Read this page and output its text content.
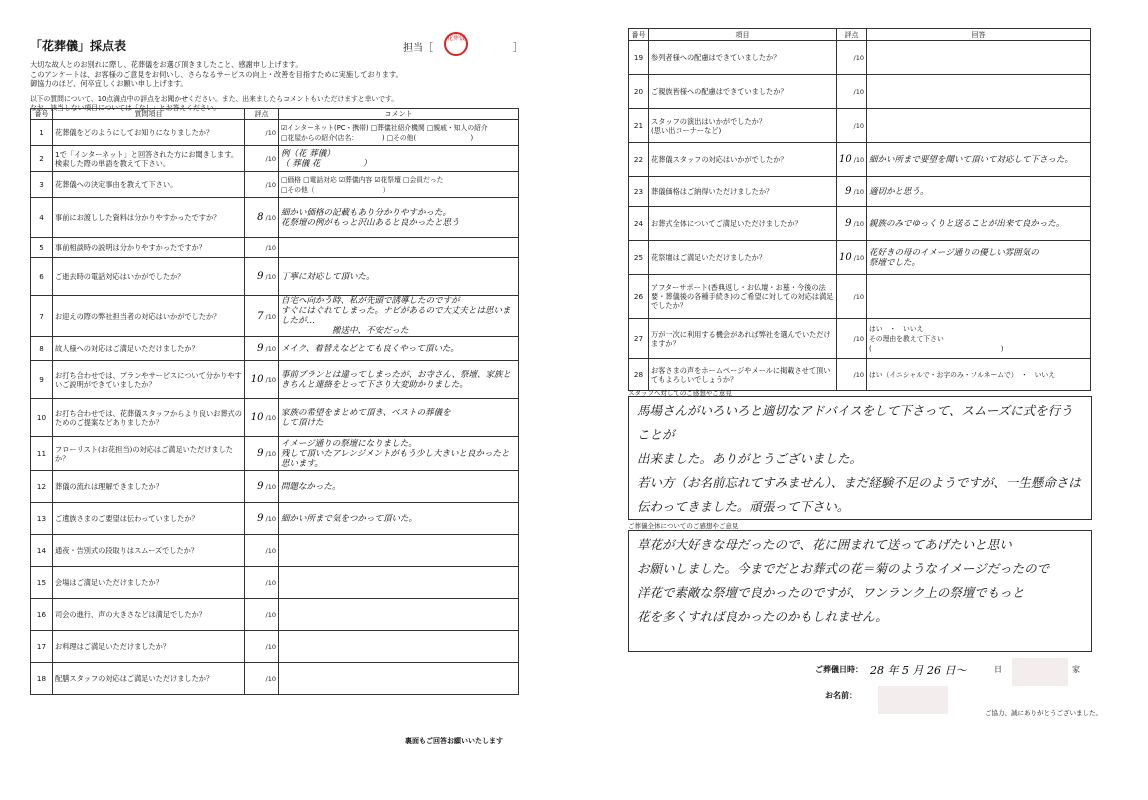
「花葬儀」採点表	担当［
花葬儀
］
大切な故人とのお別れに際し、花葬儀をお選び頂きましたこと、感謝申し上げます。
このアンケートは、お客様のご意見をお伺いし、さらなるサービスの向上・改善を目指すために実施しております。
御協力のほど、何卒宜しくお願い申し上げます。
以下の質問について、10点満点中の評点をお聞かせください。また、出来ましたらコメントもいただけますと幸いです。
なお、該当しない項目については「なし」とお答えください。
番号	質問項目	評点	コメント
1	花葬儀をどのようにしてお知りになりましたか？	/10	☑インターネット(PC・携帯) □葬儀社紹介機関 □親戚・知人の紹介
□花屋からの紹介(店名：　　　　) □その他(　　　　　　　　)
2	1で「インターネット」と回答された方にお聞きします。
検索した際の単語を教えて下さい。	/10	例（花 葬儀）
（ 葬儀 花　　　　　）
3	花葬儀への決定事由を教えて下さい。	/10	□価格 □電話対応 ☑葬儀内容 ☑花祭壇 □会員だった
□その他（　　　　　　　　　　）
4	事前にお渡しした資料は分かりやすかったですか？	8 /10	細かい価格の記載もあり分かりやすかった。
花祭壇の例がもっと沢山あると良かったと思う
5	事前相談時の説明は分かりやすかったですか？	/10	
6	ご逝去時の電話対応はいかがでしたか？	9 /10	丁寧に対応して頂いた。
7	お迎えの際の弊社担当者の対応はいかがでしたか？	7 /10	自宅へ向かう時、私が先頭で誘導したのですが
すぐにはぐれてしまった。ナビがあるので大丈夫とは思いましたが…
　　　　　　搬送中、不安だった
8	故人様への対応はご満足いただけましたか？	9 /10	メイク、着替えなどとても良くやって頂いた。
9	お打ち合わせでは、プランやサービスについて分かりやすいご説明ができていましたか？	10 /10	事前プランとは違ってしまったが、お寺さん、祭壇、家族と
きちんと連絡をとって下さり大変助かりました。
10	お打ち合わせでは、花葬儀スタッフからより良いお葬式のためのご提案などありましたか？	10 /10	家族の希望をまとめて頂き、ベストの葬儀を
して頂けた
11	フローリスト(お花担当)の対応はご満足いただけましたか？	9 /10	イメージ通りの祭壇になりました。
残して頂いたアレンジメントがもう少し大きいと良かったと思います。
12	葬儀の流れは理解できましたか？	9 /10	問題なかった。
13	ご遺族さまのご要望は伝わっていましたか？	9 /10	細かい所まで気をつかって頂いた。
14	通夜・告別式の段取りはスムーズでしたか？	/10	
15	会場はご満足いただけましたか？	/10	
16	司会の進行、声の大きさなどは満足でしたか？	/10	
17	お料理はご満足いただけましたか？	/10	
18	配膳スタッフの対応はご満足いただけましたか？	/10	
裏面もご回答お願いいたします
番号	項目	評点	回答
19	参列者様への配慮はできていましたか？	/10	
20	ご親族皆様への配慮はできていましたか？	/10	
21	スタッフの演出はいかがでしたか？
(思い出コーナーなど)	/10	
22	花葬儀スタッフの対応はいかがでしたか？	10 /10	細かい所まで要望を聞いて頂いて対応して下さった。
23	葬儀価格はご納得いただけましたか？	9 /10	適切かと思う。
24	お葬式全体についてご満足いただけましたか？	9 /10	親族のみでゆっくりと送ることが出来て良かった。
25	花祭壇はご満足いただけましたか？	10 /10	花好きの母のイメージ通りの優しい雰囲気の
祭壇でした。
26	アフターサポート(香典返し・お仏壇・お墓・今後の法要・葬儀後の各種手続き)のご希望に対しての対応は満足でしたか？	/10	
27	万が一次に利用する機会があれば弊社を選んでいただけますか？	/10	はい　・　いいえ
その理由を教えて下さい
(　　　　　　　　　　　　　　　　　　　)
28	お客さまの声をホームページやメールに掲載させて頂いてもよろしいでしょうか？	/10	はい（イニシャルで・お字のみ・フルネームで）　・　いいえ
スタッフへ対してのご感想やご意見
馬場さんがいろいろと適切なアドバイスをして下さって、スムーズに式を行うことが
出来ました。ありがとうございました。
若い方（お名前忘れてすみません）、まだ経験不足のようですが、一生懸命さは
伝わってきました。頑張って下さい。
ご葬儀全体についてのご感想やご意見
草花が大好きな母だったので、花に囲まれて送ってあげたいと思い
お願いしました。今までだとお葬式の花＝菊のようなイメージだったので
洋花で素敵な祭壇で良かったのですが、ワンランク上の祭壇でもっと
花を多くすれば良かったのかもしれません。
ご葬儀日時： 28 年 5 月 26 日～	日	家
お名前：
ご協力、誠にありがとうございました。
